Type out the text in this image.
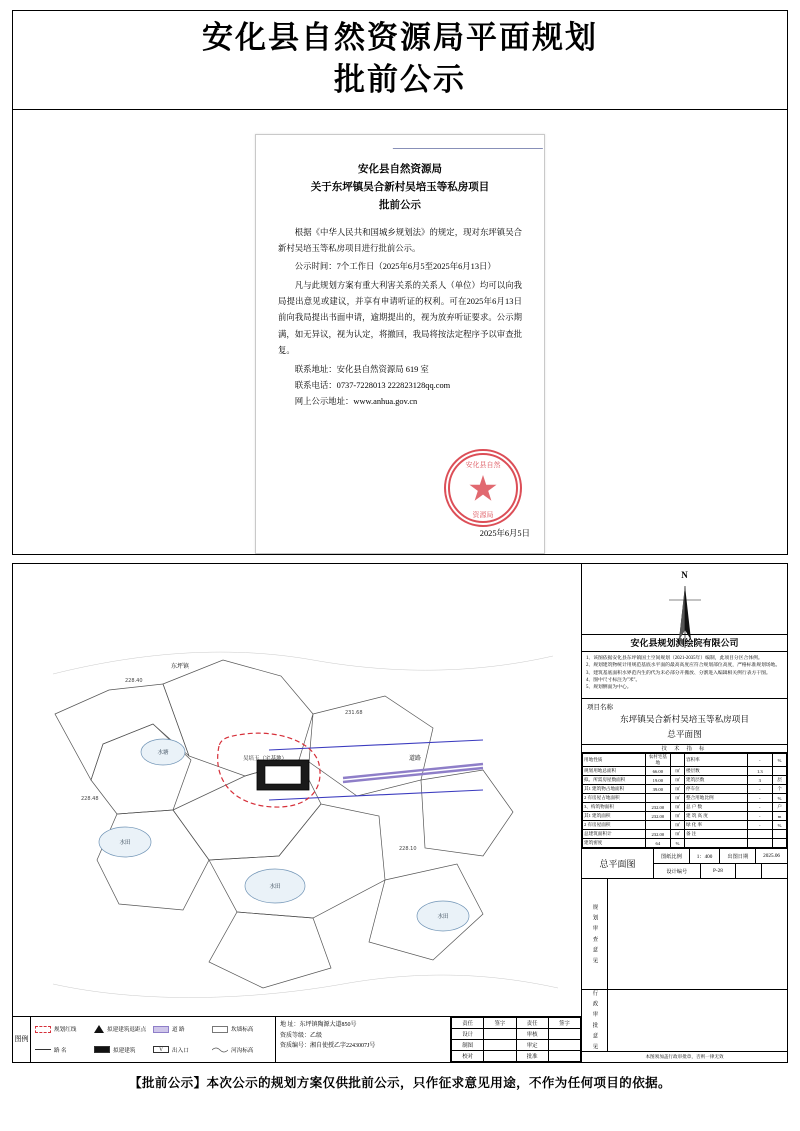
安化县自然资源局平面规划
批前公示
安化县自然资源局
关于东坪镇吴合新村吴培玉等私房项目
批前公示

根据《中华人民共和国城乡规划法》的规定，现对东坪镇吴合新村吴培玉等私房项目进行批前公示。

公示时间：7个工作日（2025年6月5至2025年6月13日）

凡与此规划方案有重大利害关系的关系人（单位）均可以向我局提出意见或建议，并享有申请听证的权利。可在2025年6月13日前向我局提出书面申请，逾期提出的，视为放弃听证要求。公示期满，如无异议，视为认定，将撤回，我局将按法定程序予以审查批复。

联系地址：安化县自然资源局 619 室

联系电话：0737-7228013 222823128qq.com

网上公示地址：www.anhua.gov.cn

安化县自然
资源局
2025年6月5日
吴培玉（宅基地）	道路
水塘
水田
水田
水田
228.40
228.48
231.68
228.10
东坪镇
图例
规划红线	拟建建筑退距点	道 路	坎墙标高
路 名	拟建建筑	V	出入口	河沟标高
地 址：东坪镇陶源大道850号
资质等级：乙级
资质编号：湘自使授乙字2243007J号
责任	签字	责任	签字
设计		审核	
制图		审定	
校对		批准	
N
安化县规划测绘院有限公司
1、该图依据安化县东坪镇国土空间规划（2021-2035年）编制，此项目分区合体例。
2、规划建筑物统计用规范基底水平面的最高高度应符合规划部位高度，严格标准规划场地。
3、建筑基底面积水界范内生的代为未必部分开搬放、分割进入编辑相关例行表方干图。
4、图中尺寸标注为"米"。
5、规划侧面为中心。
项目名称
东坪镇吴合新村吴培玉等私房项目
总平面图
技 术 指 标
用地性质	农村宅基地		容积率	-	%
规划用地总面积	66.00	㎡	楼层数	1.3	
拟、所需房屋数面积	19.00	㎡	建筑层数	3	层
其1 建筑物占地面积	39.00	㎡	停车位	-	个
2 有房屋占地面积		㎡	整合用地比例	-	%
3、构筑物面积	232.00	㎡	总 户 数	-	户
其1 建筑面积	232.00	㎡	建 筑 高 度	-	m
2 有房屋面积		㎡	绿 化 率	-	%
总建筑面积计	232.00	㎡	备 注		
建筑密度	64	%			
总平面图
图纸比例	1：400	出图日期	2025.06
设计编号	P-28
规 划 审 查 意 见
行 政 审 批 意 见
本图须加盖行政审批章，否则一律无效
【批前公示】本次公示的规划方案仅供批前公示，只作征求意见用途，不作为任何项目的依据。
